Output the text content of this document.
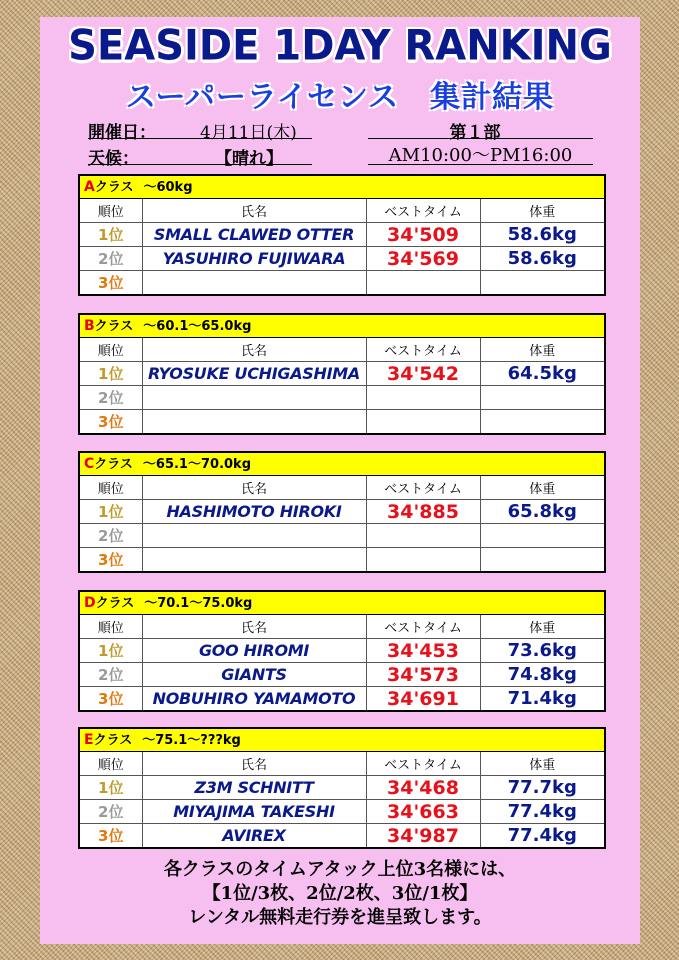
SEASIDE 1DAY RANKING
スーパーライセンス　集計結果
開催日：	4月11日(木)
天候：	【晴れ】
第１部
AM10:00〜PM16:00
Aクラス 〜60kg
順位	氏名	ベストタイム	体重
1位	SMALL CLAWED OTTER	34'509	58.6kg
2位	YASUHIRO FUJIWARA	34'569	58.6kg
3位			
Bクラス 〜60.1〜65.0kg
順位	氏名	ベストタイム	体重
1位	RYOSUKE UCHIGASHIMA	34'542	64.5kg
2位			
3位			
Cクラス 〜65.1〜70.0kg
順位	氏名	ベストタイム	体重
1位	HASHIMOTO HIROKI	34'885	65.8kg
2位			
3位			
Dクラス 〜70.1〜75.0kg
順位	氏名	ベストタイム	体重
1位	GOO HIROMI	34'453	73.6kg
2位	GIANTS	34'573	74.8kg
3位	NOBUHIRO YAMAMOTO	34'691	71.4kg
Eクラス 〜75.1〜???kg
順位	氏名	ベストタイム	体重
1位	Z3M SCHNITT	34'468	77.7kg
2位	MIYAJIMA TAKESHI	34'663	77.4kg
3位	AVIREX	34'987	77.4kg
各クラスのタイムアタック上位3名様には、
【1位/3枚、2位/2枚、3位/1枚】
レンタル無料走行券を進呈致します。
